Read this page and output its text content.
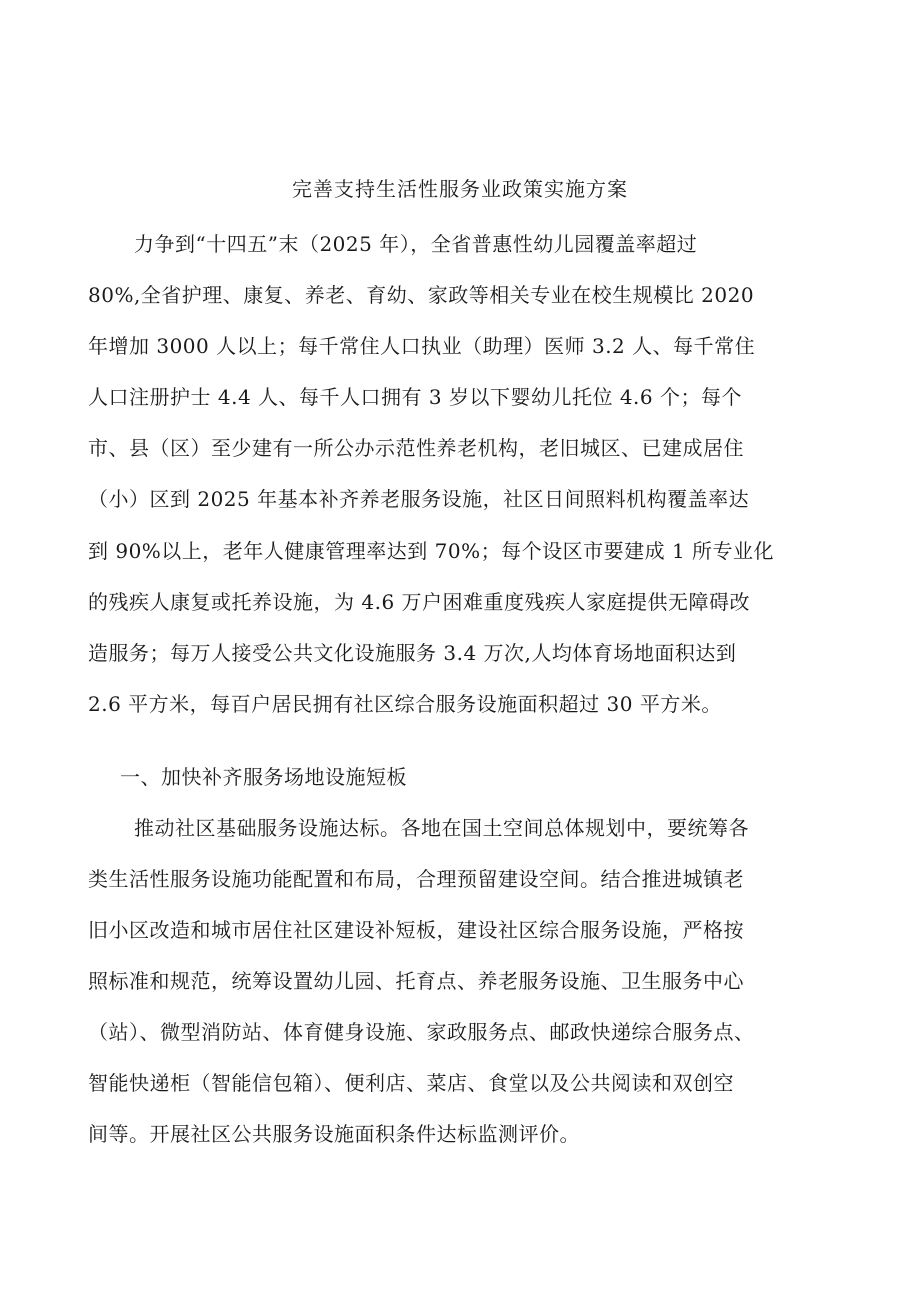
完善支持生活性服务业政策实施方案
力争到“十四五”末（2025 年），全省普惠性幼儿园覆盖率超过
80%,全省护理、康复、养老、育幼、家政等相关专业在校生规模比 2020
年增加 3000 人以上；每千常住人口执业（助理）医师 3.2 人、每千常住
人口注册护士 4.4 人、每千人口拥有 3 岁以下婴幼儿托位 4.6 个；每个
市、县（区）至少建有一所公办示范性养老机构，老旧城区、已建成居住
（小）区到 2025 年基本补齐养老服务设施，社区日间照料机构覆盖率达
到 90%以上，老年人健康管理率达到 70%；每个设区市要建成 1 所专业化
的残疾人康复或托养设施，为 4.6 万户困难重度残疾人家庭提供无障碍改
造服务；每万人接受公共文化设施服务 3.4 万次,人均体育场地面积达到
2.6 平方米，每百户居民拥有社区综合服务设施面积超过 30 平方米。
一、加快补齐服务场地设施短板
推动社区基础服务设施达标。各地在国土空间总体规划中，要统筹各
类生活性服务设施功能配置和布局，合理预留建设空间。结合推进城镇老
旧小区改造和城市居住社区建设补短板，建设社区综合服务设施，严格按
照标准和规范，统筹设置幼儿园、托育点、养老服务设施、卫生服务中心
（站）、微型消防站、体育健身设施、家政服务点、邮政快递综合服务点、
智能快递柜（智能信包箱）、便利店、菜店、食堂以及公共阅读和双创空
间等。开展社区公共服务设施面积条件达标监测评价。
